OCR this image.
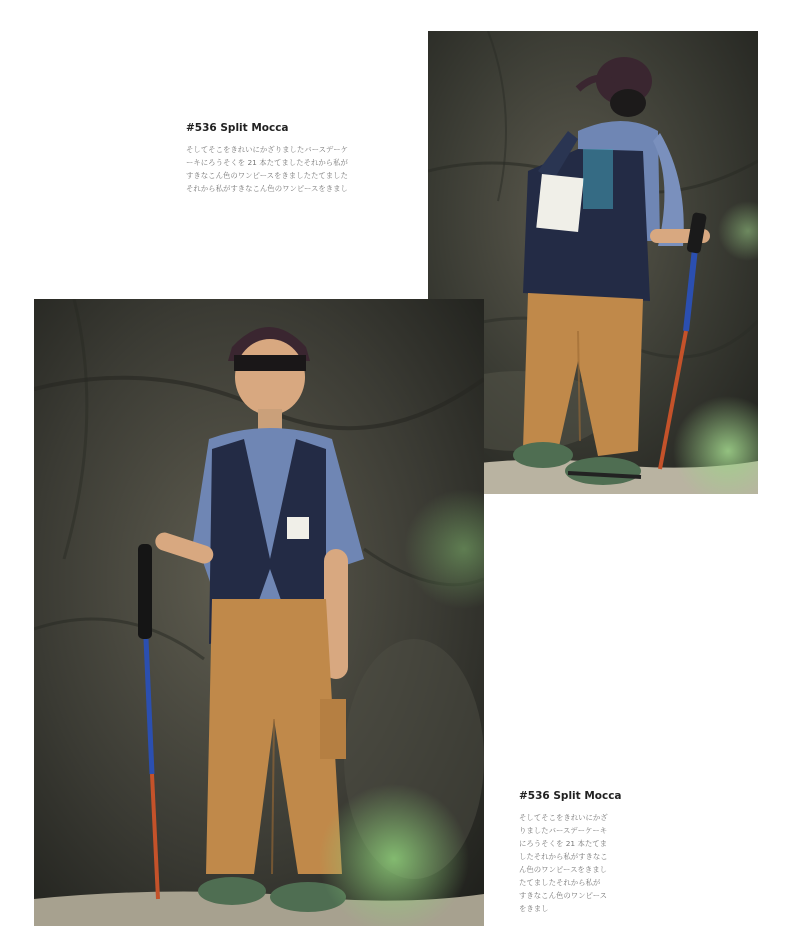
#536 Split Mocca
そしてそこをきれいにかざりましたバースデーケ
ーキにろうそくを 21 本たてましたそれから私が
すきなこん色のワンピースをきましたたてました
それから私がすきなこん色のワンピースをきまし
#536 Split Mocca
そしてそこをきれいにかざ
りましたバースデーケーキ
にろうそくを 21 本たてま
したそれから私がすきなこ
ん色のワンピースをきまし
たてましたそれから私が
すきなこん色のワンピース
をきまし
